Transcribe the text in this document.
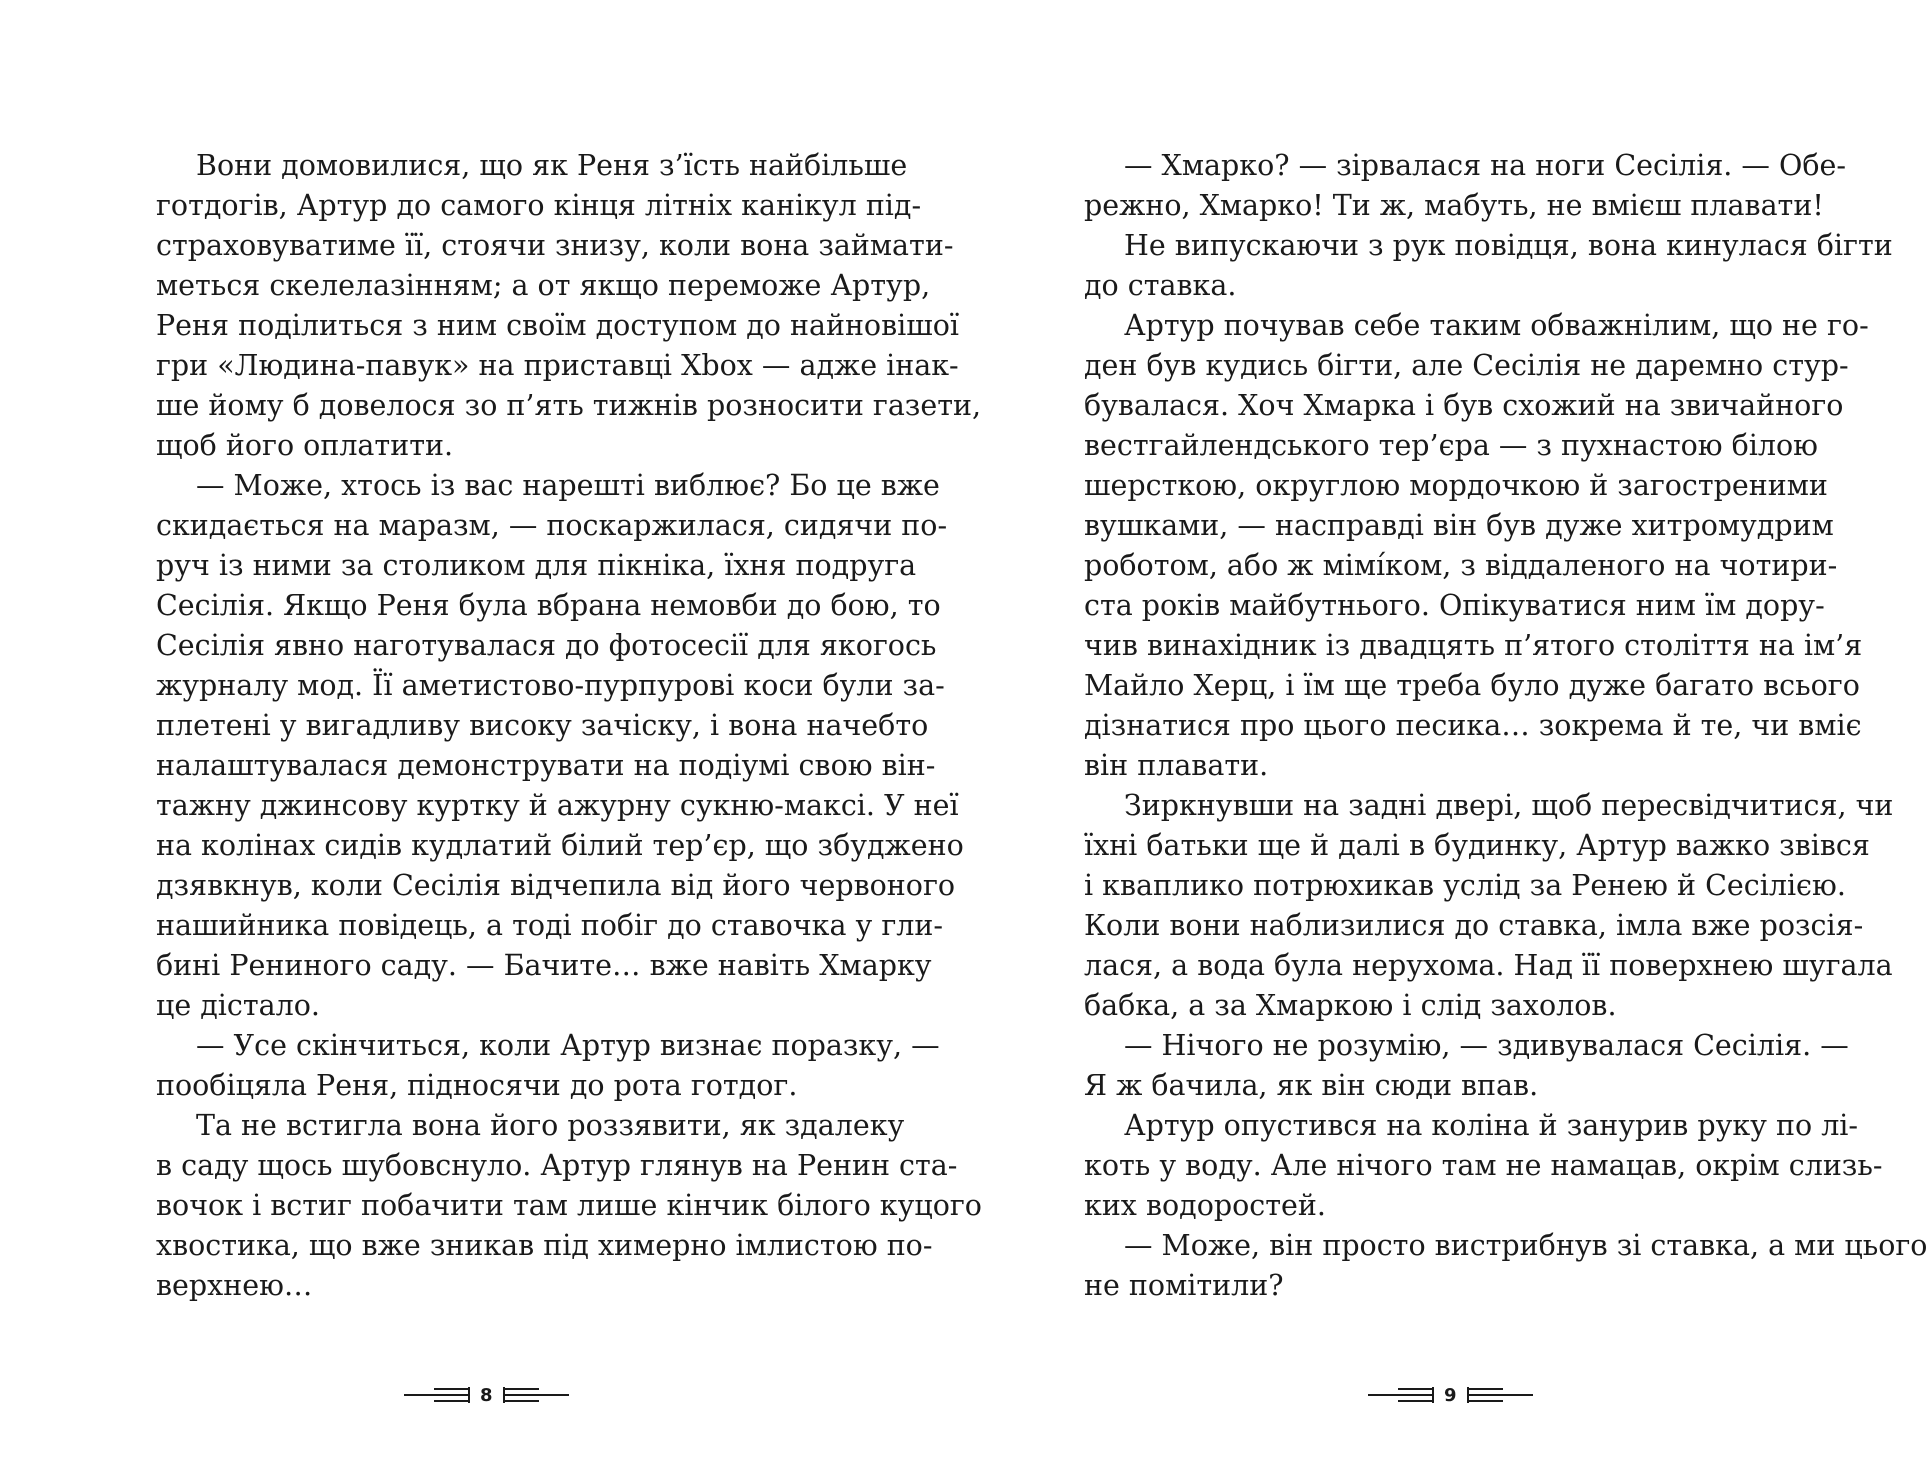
Вони домовилися, що як Реня з’їсть найбільше
готдогів, Артур до самого кінця літніх канікул під-
страховуватиме її, стоячи знизу, коли вона займати-
меться скелелазінням; а от якщо переможе Артур,
Реня поділиться з ним своїм доступом до найновішої
гри «Людина-павук» на приставці Xbox — адже інак-
ше йому б довелося зо п’ять тижнів розносити газети,
щоб його оплатити.
— Може, хтось із вас нарешті виблює? Бо це вже
скидається на маразм, — поскаржилася, сидячи по-
руч із ними за столиком для пікніка, їхня подруга
Сесілія. Якщо Реня була вбрана немовби до бою, то
Сесілія явно наготувалася до фотосесії для якогось
журналу мод. Її аметистово-пурпурові коси були за-
плетені у вигадливу високу зачіску, і вона начебто
налаштувалася демонструвати на подіумі свою він-
тажну джинсову куртку й ажурну сукню-максі. У неї
на колінах сидів кудлатий білий тер’єр, що збуджено
дзявкнув, коли Сесілія відчепила від його червоного
нашийника повідець, а тоді побіг до ставочка у гли-
бині Рениного саду. — Бачите… вже навіть Хмарку
це дістало.
— Усе скінчиться, коли Артур визнає поразку, —
пообіцяла Реня, підносячи до рота готдог.
Та не встигла вона його роззявити, як здалеку
в саду щось шубовснуло. Артур глянув на Ренин ста-
вочок і встиг побачити там лише кінчик білого куцого
хвостика, що вже зникав під химерно імлистою по-
верхнею…
— Хмарко? — зірвалася на ноги Сесілія. — Обе-
режно, Хмарко! Ти ж, мабуть, не вмієш плавати!
Не випускаючи з рук повідця, вона кинулася бігти
до ставка.
Артур почував себе таким обважнілим, що не го-
ден був кудись бігти, але Сесілія не даремно стур-
бувалася. Хоч Хмарка і був схожий на звичайного
вестгайлендського тер’єра — з пухнастою білою
шерсткою, округлою мордочкою й загостреними
вушками, — насправді він був дуже хитромудрим
роботом, або ж мімíком, з віддаленого на чотири-
ста років майбутнього. Опікуватися ним їм дору-
чив винахідник із двадцять п’ятого століття на ім’я
Майло Херц, і їм ще треба було дуже багато всього
дізнатися про цього песика… зокрема й те, чи вміє
він плавати.
Зиркнувши на задні двері, щоб пересвідчитися, чи
їхні батьки ще й далі в будинку, Артур важко звівся
і кваплико потрюхикав услід за Ренею й Сесілією.
Коли вони наблизилися до ставка, імла вже розсія-
лася, а вода була нерухома. Над її поверхнею шугала
бабка, а за Хмаркою і слід захолов.
— Нічого не розумію, — здивувалася Сесілія. —
Я ж бачила, як він сюди впав.
Артур опустився на коліна й занурив руку по лі-
коть у воду. Але нічого там не намацав, окрім слизь-
ких водоростей.
— Може, він просто вистрибнув зі ставка, а ми цього
не помітили?
8	9
